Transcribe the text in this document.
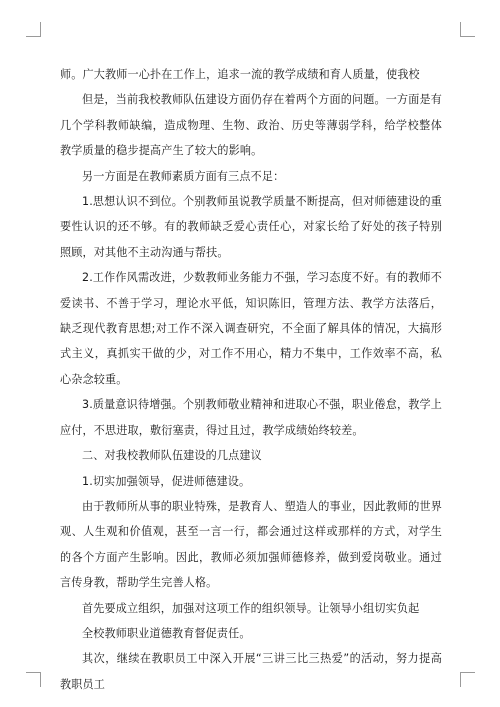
师。广大教师一心扑在工作上，追求一流的教学成绩和育人质量，使我校

但是，当前我校教师队伍建设方面仍存在着两个方面的问题。一方面是有几个学科教师缺编，造成物理、生物、政治、历史等薄弱学科，给学校整体教学质量的稳步提高产生了较大的影响。

另一方面是在教师素质方面有三点不足：

1.思想认识不到位。个别教师虽说教学质量不断提高，但对师德建设的重要性认识的还不够。有的教师缺乏爱心责任心，对家长给了好处的孩子特别照顾，对其他不主动沟通与帮扶。

2.工作作风需改进，少数教师业务能力不强，学习态度不好。有的教师不爱读书、不善于学习，理论水平低，知识陈旧，管理方法、教学方法落后，缺乏现代教育思想;对工作不深入调查研究，不全面了解具体的情况，大搞形式主义，真抓实干做的少，对工作不用心，精力不集中，工作效率不高，私心杂念较重。

3.质量意识待增强。个别教师敬业精神和进取心不强，职业倦怠，教学上应付，不思进取，敷衍塞责，得过且过，教学成绩始终较差。

二、对我校教师队伍建设的几点建议

1.切实加强领导，促进师德建设。

由于教师所从事的职业特殊，是教育人、塑造人的事业，因此教师的世界观、人生观和价值观，甚至一言一行，都会通过这样或那样的方式，对学生的各个方面产生影响。因此，教师必须加强师德修养，做到爱岗敬业。通过言传身教，帮助学生完善人格。

首先要成立组织，加强对这项工作的组织领导。让领导小组切实负起

全校教师职业道德教育督促责任。

其次，继续在教职员工中深入开展“三讲三比三热爱”的活动，努力提高教职员工
